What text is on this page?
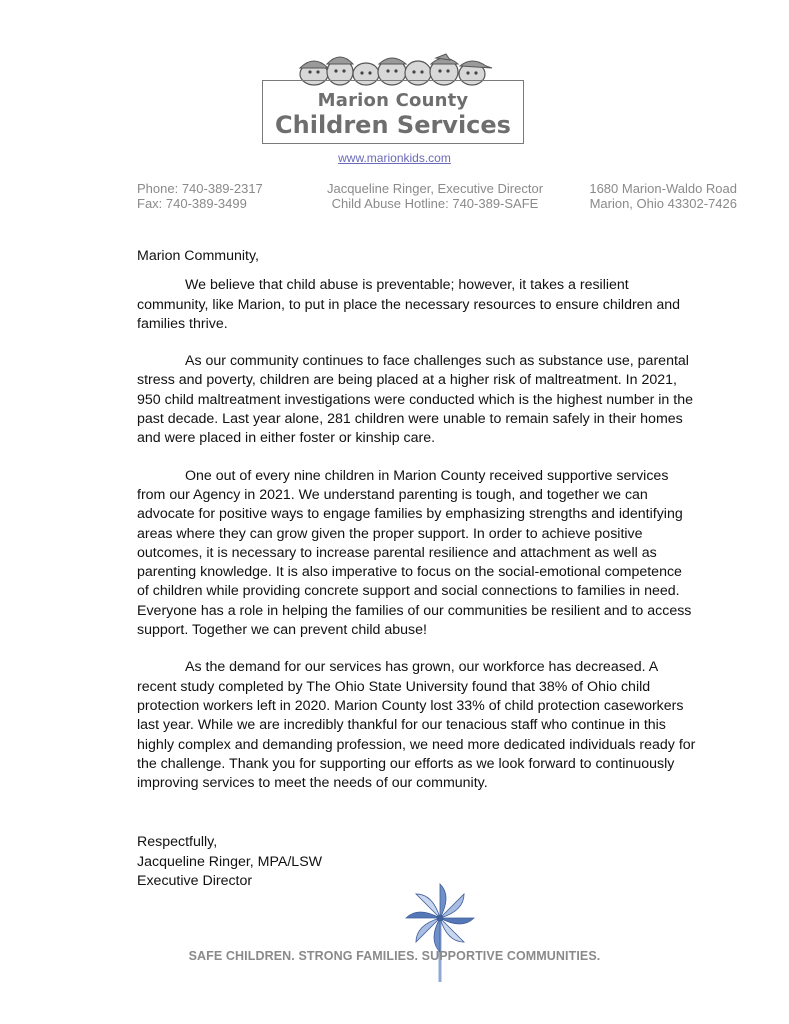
Marion County
Children Services
www.marionkids.com
Phone: 740-389-2317
Fax: 740-389-3499
Jacqueline Ringer, Executive Director
Child Abuse Hotline: 740-389-SAFE
1680 Marion-Waldo Road
Marion, Ohio 43302-7426

Marion Community,

We believe that child abuse is preventable; however, it takes a resilient community, like Marion, to put in place the necessary resources to ensure children and families thrive.

As our community continues to face challenges such as substance use, parental stress and poverty, children are being placed at a higher risk of maltreatment. In 2021, 950 child maltreatment investigations were conducted which is the highest number in the past decade. Last year alone, 281 children were unable to remain safely in their homes and were placed in either foster or kinship care.

One out of every nine children in Marion County received supportive services from our Agency in 2021. We understand parenting is tough, and together we can advocate for positive ways to engage families by emphasizing strengths and identifying areas where they can grow given the proper support. In order to achieve positive outcomes, it is necessary to increase parental resilience and attachment as well as parenting knowledge. It is also imperative to focus on the social-emotional competence of children while providing concrete support and social connections to families in need. Everyone has a role in helping the families of our communities be resilient and to access support. Together we can prevent child abuse!

As the demand for our services has grown, our workforce has decreased. A recent study completed by The Ohio State University found that 38% of Ohio child protection workers left in 2020. Marion County lost 33% of child protection caseworkers last year. While we are incredibly thankful for our tenacious staff who continue in this highly complex and demanding profession, we need more dedicated individuals ready for the challenge. Thank you for supporting our efforts as we look forward to continuously improving services to meet the needs of our community.

Respectfully,
Jacqueline Ringer, MPA/LSW
Executive Director
SAFE CHILDREN. STRONG FAMILIES. SUPPORTIVE COMMUNITIES.
